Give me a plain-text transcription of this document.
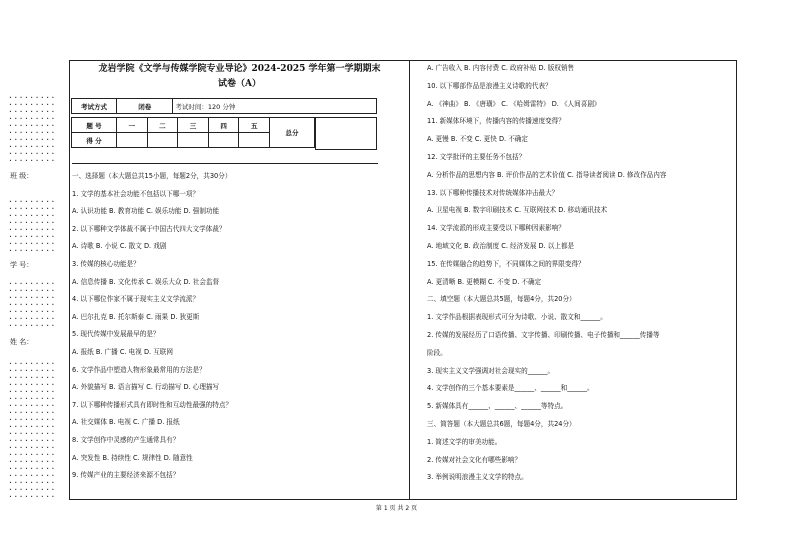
·········
·········
·········
·········
·········
·········
·········
·········
·········
·········
班 级：
·········
·········
·········
·········
·········
·········
·········
·········
学 号：
·········
·········
·········
·········
·········
·········
·········
姓 名：
·········
·········
·········
·········
·········
·········
·········
·········
·········
·········
·········
·········
·········
·········
·········
·········
·········
·········
·········
·········
龙岩学院《文学与传媒学院专业导论》2024-2025 学年第一学期期末
试卷（A）
考试方式	闭卷	考试时间：120 分钟
题 号	一	二	三	四	五	总分
得 分						
一、选择题（本大题总共15小题，每题2分，共30分）
1. 文学的基本社会功能不包括以下哪一项？
A. 认识功能 B. 教育功能 C. 娱乐功能 D. 强制功能
2. 以下哪种文学体裁不属于中国古代四大文学体裁？
A. 诗歌 B. 小说 C. 散文 D. 戏剧
3. 传媒的核心功能是？
A. 信息传播 B. 文化传承 C. 娱乐大众 D. 社会监督
4. 以下哪位作家不属于现实主义文学流派？
A. 巴尔扎克 B. 托尔斯泰 C. 雨果 D. 狄更斯
5. 现代传媒中发展最早的是？
A. 报纸 B. 广播 C. 电视 D. 互联网
6. 文学作品中塑造人物形象最常用的方法是？
A. 外貌描写 B. 语言描写 C. 行动描写 D. 心理描写
7. 以下哪种传播形式具有即时性和互动性最强的特点？
A. 社交媒体 B. 电视 C. 广播 D. 报纸
8. 文学创作中灵感的产生通常具有？
A. 突发性 B. 持续性 C. 规律性 D. 随意性
9. 传媒产业的主要经济来源不包括？
A. 广告收入 B. 内容付费 C. 政府补贴 D. 版权销售
10. 以下哪部作品是浪漫主义诗歌的代表？
A. 《神曲》 B. 《唐璜》 C. 《哈姆雷特》 D. 《人间喜剧》
11. 新媒体环境下，传播内容的传播速度变得？
A. 更慢 B. 不变 C. 更快 D. 不确定
12. 文学批评的主要任务不包括？
A. 分析作品的思想内容 B. 评价作品的艺术价值 C. 指导读者阅读 D. 修改作品内容
13. 以下哪种传播技术对传统媒体冲击最大？
A. 卫星电视 B. 数字印刷技术 C. 互联网技术 D. 移动通讯技术
14. 文学流派的形成主要受以下哪种因素影响？
A. 地域文化 B. 政治制度 C. 经济发展 D. 以上都是
15. 在传媒融合的趋势下，不同媒体之间的界限变得？
A. 更清晰 B. 更模糊 C. 不变 D. 不确定
二、填空题（本大题总共5题，每题4分，共20分）
1. 文学作品根据表现形式可分为诗歌、小说、散文和______。
2. 传媒的发展经历了口语传播、文字传播、印刷传播、电子传播和______传播等
阶段。
3. 现实主义文学强调对社会现实的______。
4. 文学创作的三个基本要素是______、______和______。
5. 新媒体具有______、______、______等特点。
三、简答题（本大题总共6题，每题4分，共24分）
1. 简述文学的审美功能。
2. 传媒对社会文化有哪些影响？
3. 举例说明浪漫主义文学的特点。
第 1 页 共 2 页
